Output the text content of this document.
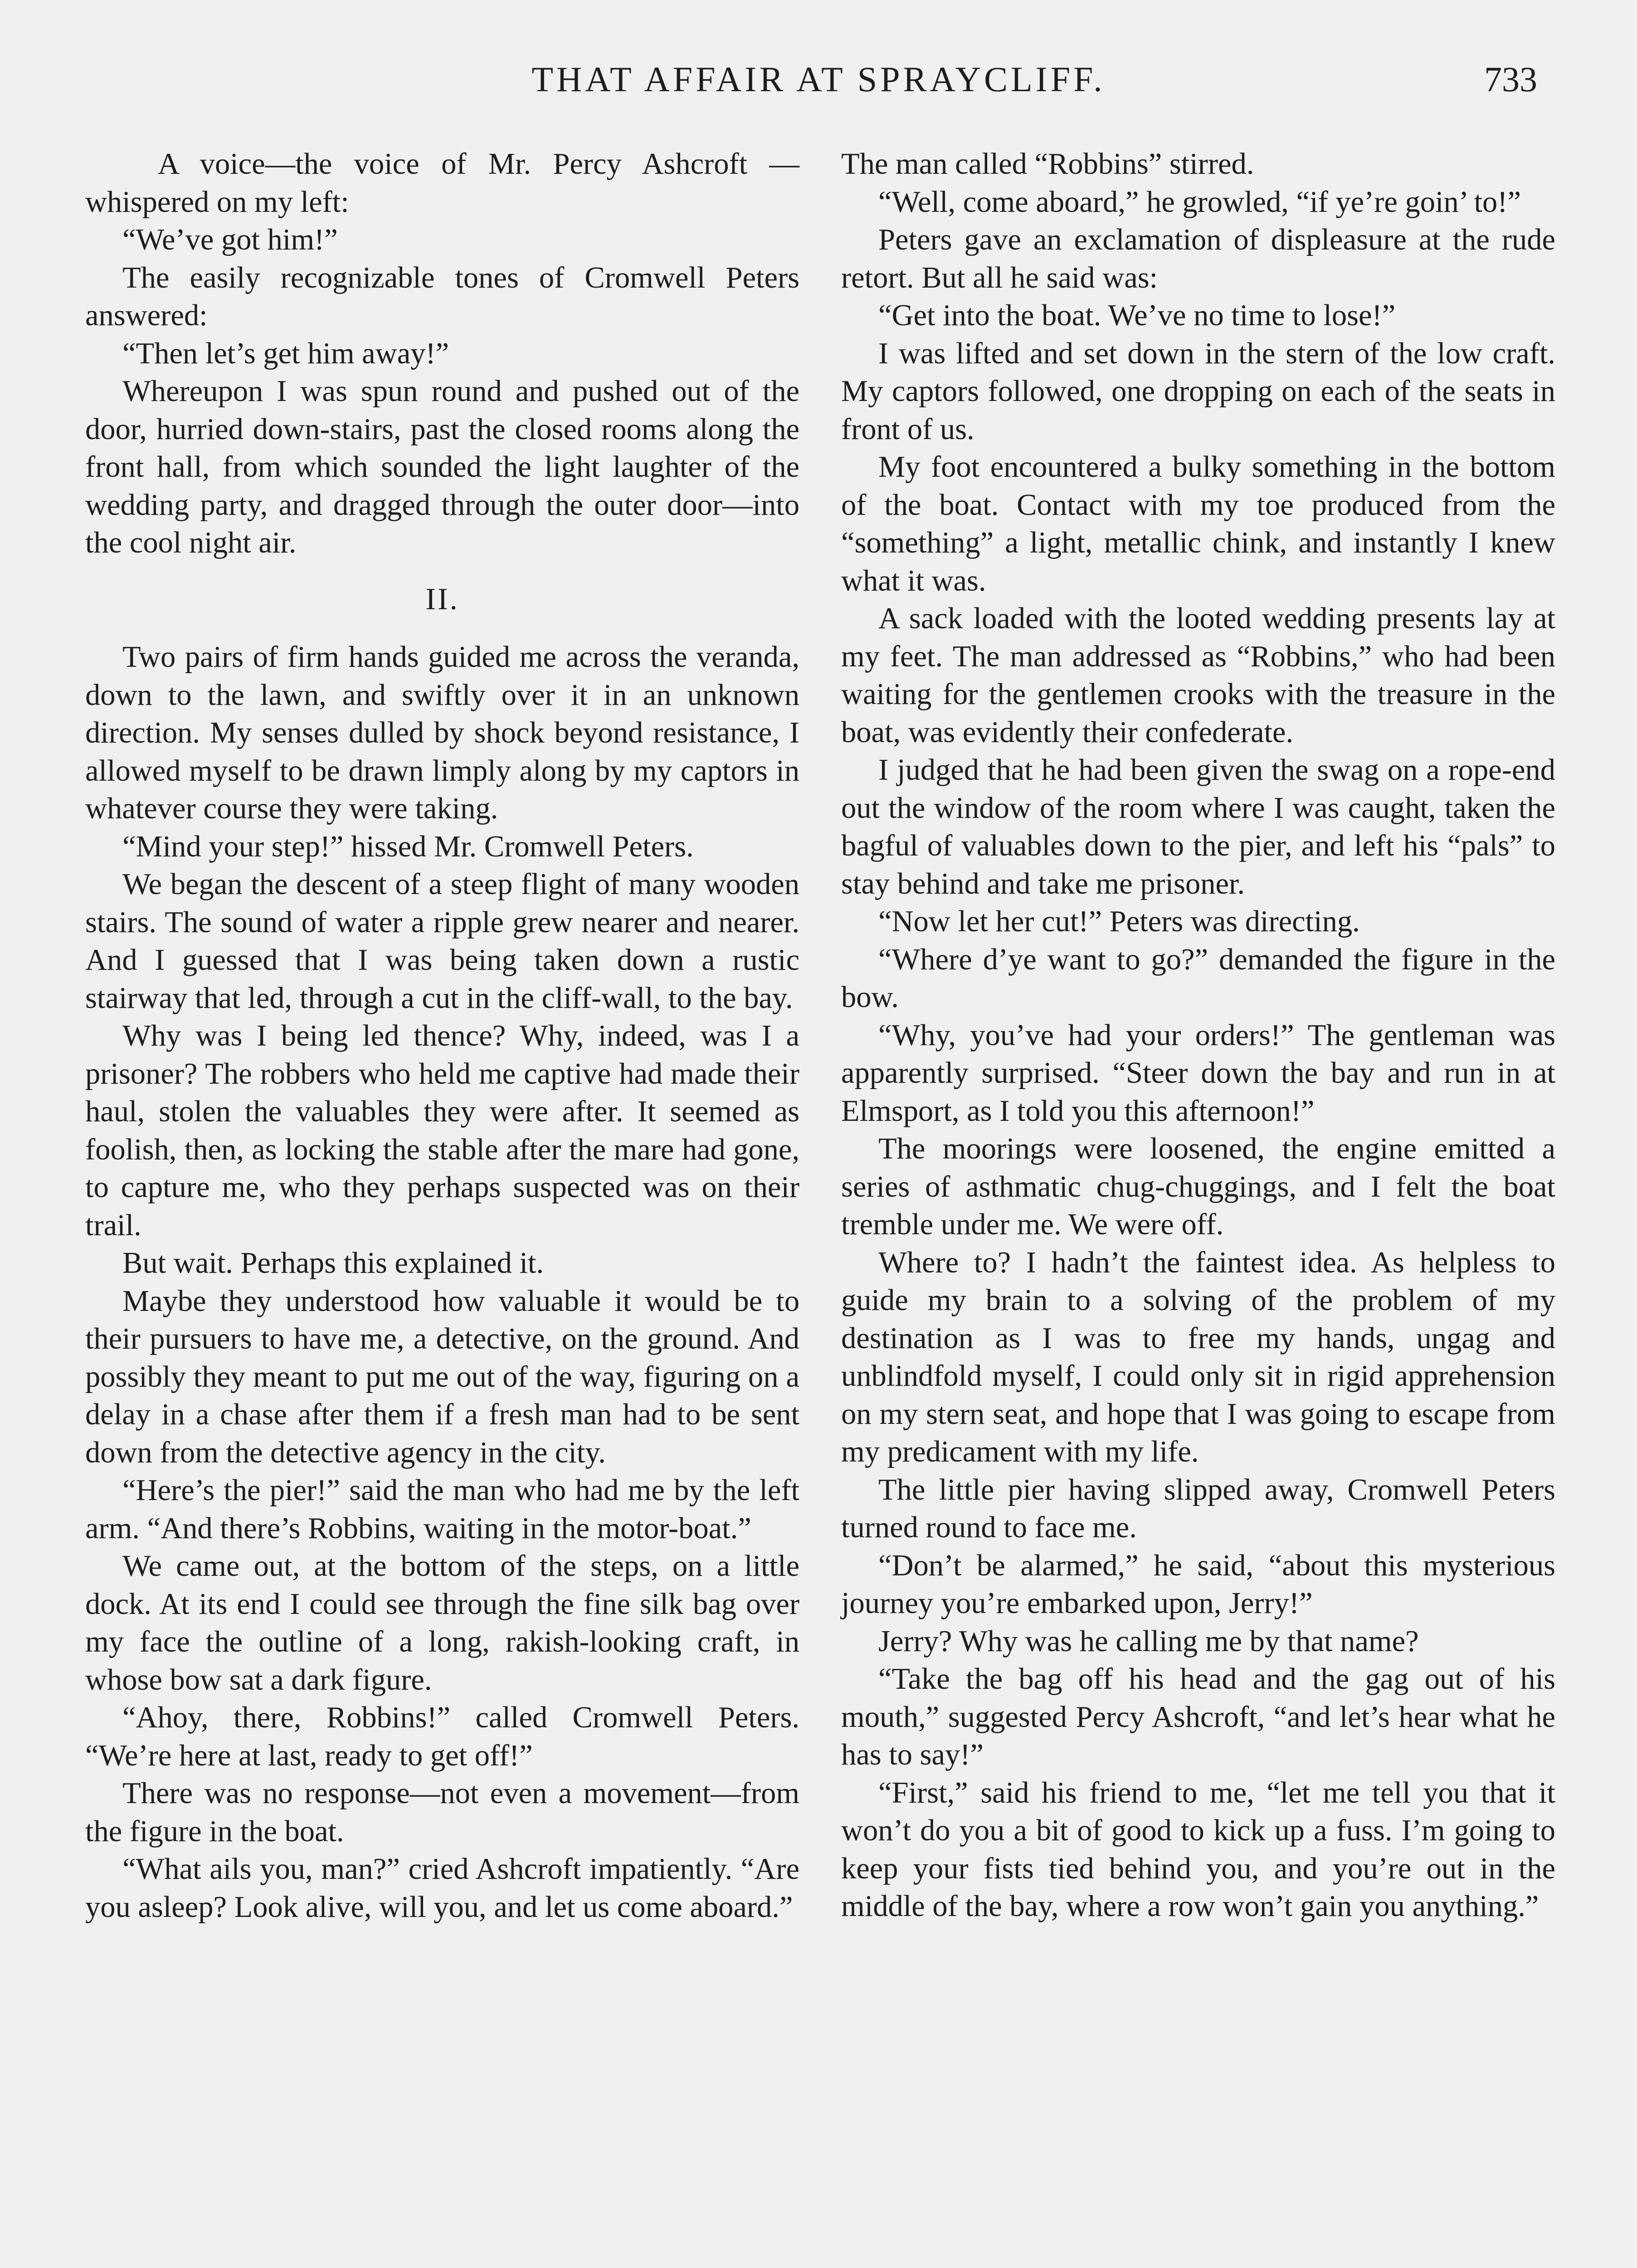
THAT AFFAIR AT SPRAYCLIFF.	733

A voice—the voice of Mr. Percy Ashcroft —whispered on my left:

“We’ve got him!”

The easily recognizable tones of Cromwell Peters answered:

“Then let’s get him away!”

Whereupon I was spun round and pushed out of the door, hurried down-stairs, past the closed rooms along the front hall, from which sounded the light laughter of the wedding party, and dragged through the outer door—into the cool night air.

II.

Two pairs of firm hands guided me across the veranda, down to the lawn, and swiftly over it in an unknown direction. My senses dulled by shock beyond resistance, I allowed myself to be drawn limply along by my captors in whatever course they were taking.

“Mind your step!” hissed Mr. Cromwell Peters.

We began the descent of a steep flight of many wooden stairs. The sound of water a ripple grew nearer and nearer. And I guessed that I was being taken down a rustic stairway that led, through a cut in the cliff-wall, to the bay.

Why was I being led thence? Why, indeed, was I a prisoner? The robbers who held me captive had made their haul, stolen the valuables they were after. It seemed as foolish, then, as locking the stable after the mare had gone, to capture me, who they perhaps suspected was on their trail.

But wait. Perhaps this explained it.

Maybe they understood how valuable it would be to their pursuers to have me, a detective, on the ground. And possibly they meant to put me out of the way, figuring on a delay in a chase after them if a fresh man had to be sent down from the detective agency in the city.

“Here’s the pier!” said the man who had me by the left arm. “And there’s Robbins, waiting in the motor-boat.”

We came out, at the bottom of the steps, on a little dock. At its end I could see through the fine silk bag over my face the outline of a long, rakish-looking craft, in whose bow sat a dark figure.

“Ahoy, there, Robbins!” called Cromwell Peters. “We’re here at last, ready to get off!”

There was no response—not even a movement—from the figure in the boat.

“What ails you, man?” cried Ashcroft impatiently. “Are you asleep? Look alive, will you, and let us come aboard.”

The man called “Robbins” stirred.

“Well, come aboard,” he growled, “if ye’re goin’ to!”

Peters gave an exclamation of displeasure at the rude retort. But all he said was:

“Get into the boat. We’ve no time to lose!”

I was lifted and set down in the stern of the low craft. My captors followed, one dropping on each of the seats in front of us.

My foot encountered a bulky something in the bottom of the boat. Contact with my toe produced from the “something” a light, metallic chink, and instantly I knew what it was.

A sack loaded with the looted wedding presents lay at my feet. The man addressed as “Robbins,” who had been waiting for the gentlemen crooks with the treasure in the boat, was evidently their confederate.

I judged that he had been given the swag on a rope-end out the window of the room where I was caught, taken the bagful of valuables down to the pier, and left his “pals” to stay behind and take me prisoner.

“Now let her cut!” Peters was directing.

“Where d’ye want to go?” demanded the figure in the bow.

“Why, you’ve had your orders!” The gentleman was apparently surprised. “Steer down the bay and run in at Elmsport, as I told you this afternoon!”

The moorings were loosened, the engine emitted a series of asthmatic chug-chuggings, and I felt the boat tremble under me. We were off.

Where to? I hadn’t the faintest idea. As helpless to guide my brain to a solving of the problem of my destination as I was to free my hands, ungag and unblindfold myself, I could only sit in rigid apprehension on my stern seat, and hope that I was going to escape from my predicament with my life.

The little pier having slipped away, Cromwell Peters turned round to face me.

“Don’t be alarmed,” he said, “about this mysterious journey you’re embarked upon, Jerry!”

Jerry? Why was he calling me by that name?

“Take the bag off his head and the gag out of his mouth,” suggested Percy Ashcroft, “and let’s hear what he has to say!”

“First,” said his friend to me, “let me tell you that it won’t do you a bit of good to kick up a fuss. I’m going to keep your fists tied behind you, and you’re out in the middle of the bay, where a row won’t gain you anything.”
